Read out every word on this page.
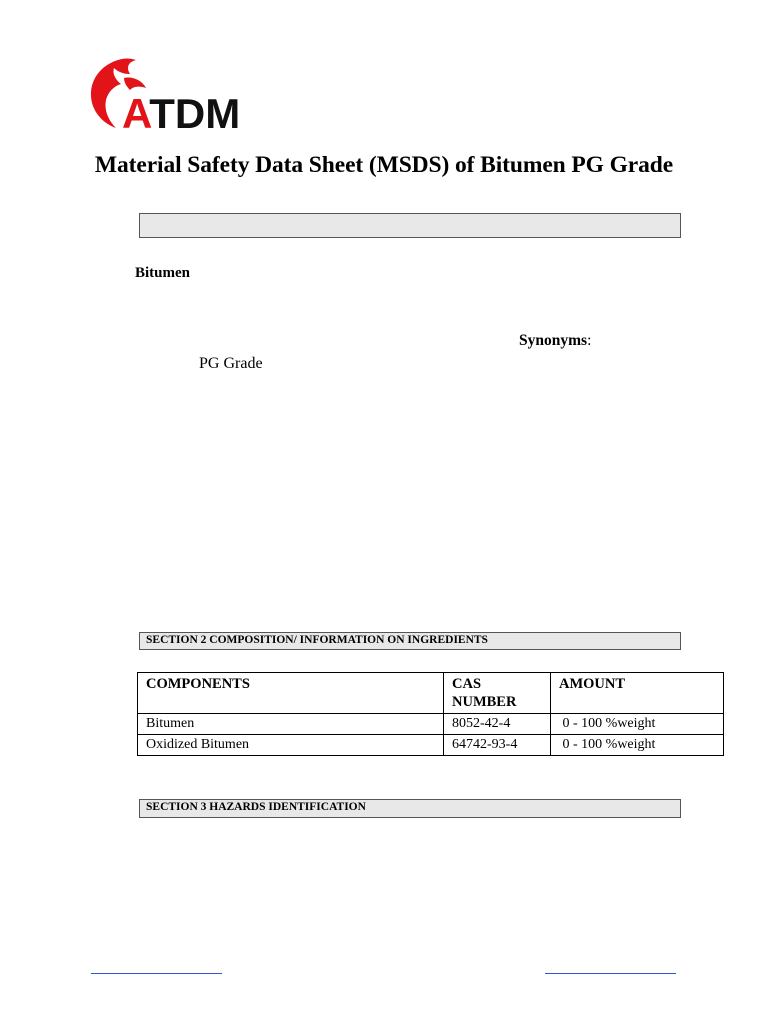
ATDM
Material Safety Data Sheet (MSDS) of Bitumen PG Grade
Bitumen
Synonyms:
PG Grade
SECTION 2 COMPOSITION/ INFORMATION ON INGREDIENTS
COMPONENTS	CAS NUMBER	AMOUNT
Bitumen	8052-42-4	0 - 100 %weight
Oxidized Bitumen	64742-93-4	0 - 100 %weight
SECTION 3 HAZARDS IDENTIFICATION
